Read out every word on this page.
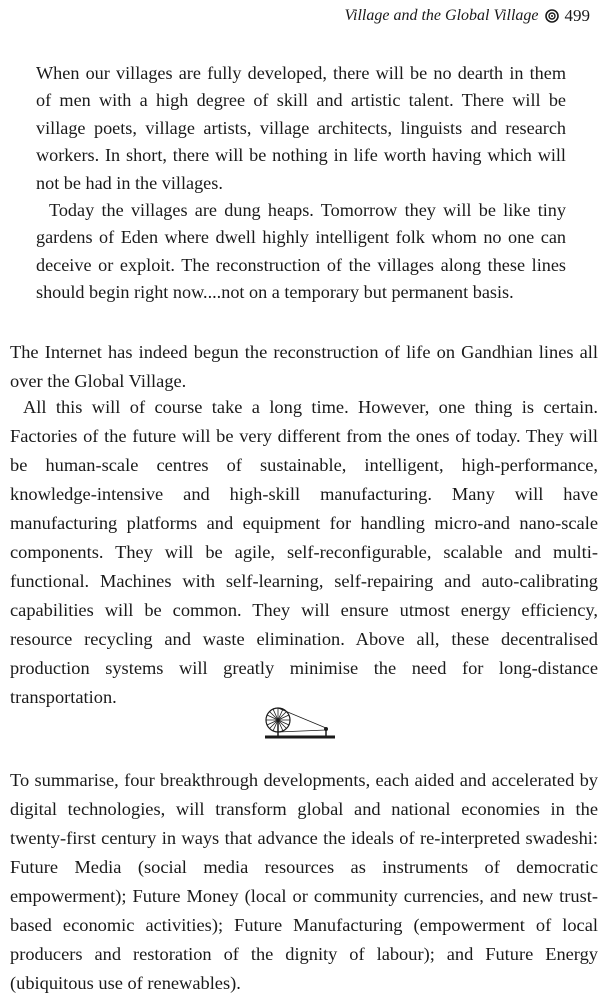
Village and the Global Village 499

When our villages are fully developed, there will be no dearth in them of men with a high degree of skill and artistic talent. There will be village poets, village artists, village architects, linguists and research workers. In short, there will be nothing in life worth having which will not be had in the villages.

Today the villages are dung heaps. Tomorrow they will be like tiny gardens of Eden where dwell highly intelligent folk whom no one can deceive or exploit. The reconstruction of the villages along these lines should begin right now....not on a temporary but permanent basis.

The Internet has indeed begun the reconstruction of life on Gandhian lines all over the Global Village.

All this will of course take a long time. However, one thing is certain. Factories of the future will be very different from the ones of today. They will be human-scale centres of sustainable, intelligent, high-performance, knowledge-intensive and high-skill manufacturing. Many will have manufacturing platforms and equipment for handling micro-and nano-scale components. They will be agile, self-reconfigurable, scalable and multi-functional. Machines with self-learning, self-repairing and auto-calibrating capabilities will be common. They will ensure utmost energy efficiency, resource recycling and waste elimination. Above all, these decentralised production systems will greatly minimise the need for long-distance transportation.

To summarise, four breakthrough developments, each aided and accelerated by digital technologies, will transform global and national economies in the twenty-first century in ways that advance the ideals of re-interpreted swadeshi: Future Media (social media resources as instruments of democratic empowerment); Future Money (local or community currencies, and new trust-based economic activities); Future Manufacturing (empowerment of local producers and restoration of the dignity of labour); and Future Energy (ubiquitous use of renewables).
